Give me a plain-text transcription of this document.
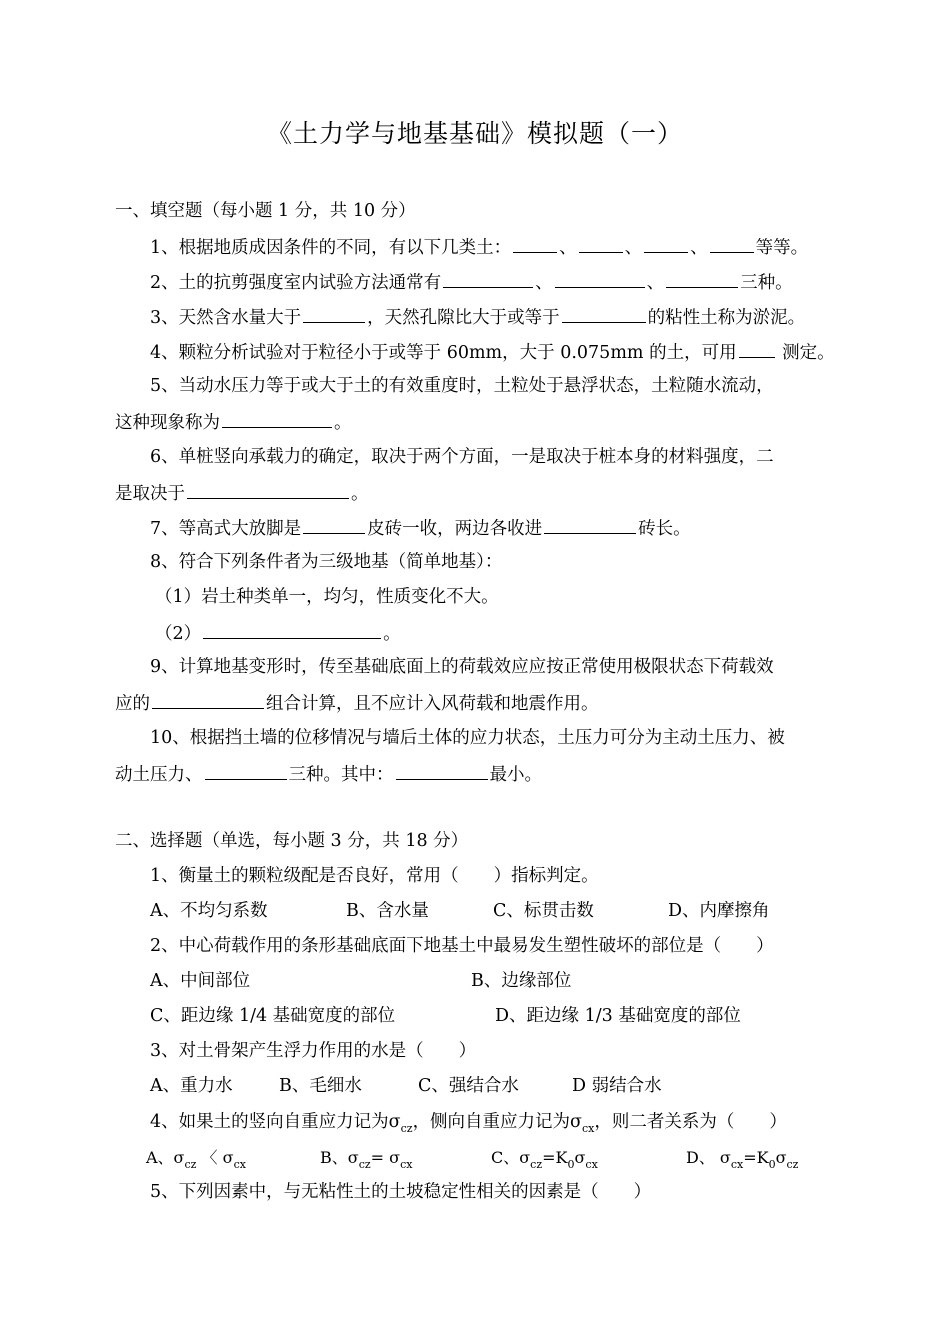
《土力学与地基基础》模拟题（一）
一、填空题（每小题 1 分，共 10 分）
1、根据地质成因条件的不同，有以下几类土：	、	、	、	等等。
2、土的抗剪强度室内试验方法通常有	、	、	三种。
3、天然含水量大于	，天然孔隙比大于或等于	的粘性土称为淤泥。
4、颗粒分析试验对于粒径小于或等于 60mm，大于 0.075mm 的土，可用 测定。
5、当动水压力等于或大于土的有效重度时，土粒处于悬浮状态，土粒随水流动，
这种现象称为	。
6、单桩竖向承载力的确定，取决于两个方面，一是取决于桩本身的材料强度，二
是取决于	。
7、等高式大放脚是	皮砖一收，两边各收进	砖长。
8、符合下列条件者为三级地基（简单地基）：
（1）岩土种类单一，均匀，性质变化不大。
（2）	。
9、计算地基变形时，传至基础底面上的荷载效应应按正常使用极限状态下荷载效
应的	组合计算，且不应计入风荷载和地震作用。
10、根据挡土墙的位移情况与墙后土体的应力状态，土压力可分为主动土压力、被
动土压力、	三种。其中：	最小。
二、选择题（单选，每小题 3 分，共 18 分）
1、衡量土的颗粒级配是否良好，常用（　　）指标判定。
A、不均匀系数	B、含水量	C、标贯击数	D、内摩擦角
2、中心荷载作用的条形基础底面下地基土中最易发生塑性破坏的部位是（　　）
A、中间部位	B、边缘部位
C、距边缘 1/4 基础宽度的部位	D、距边缘 1/3 基础宽度的部位
3、对土骨架产生浮力作用的水是（　　）
A、重力水	B、毛细水	C、强结合水	D 弱结合水
4、如果土的竖向自重应力记为$\sigma_{cz}$，侧向自重应力记为$\sigma_{cx}$，则二者关系为（　　）
A、$\sigma_{cz}$ 〈 $\sigma_{cx}$	B、$\sigma_{cz}= \sigma_{cx}$	C、$\sigma_{cz}=K_0\sigma_{cx}$	D、 $\sigma_{cx}=K_0\sigma_{cz}$
5、下列因素中，与无粘性土的土坡稳定性相关的因素是（　　）
